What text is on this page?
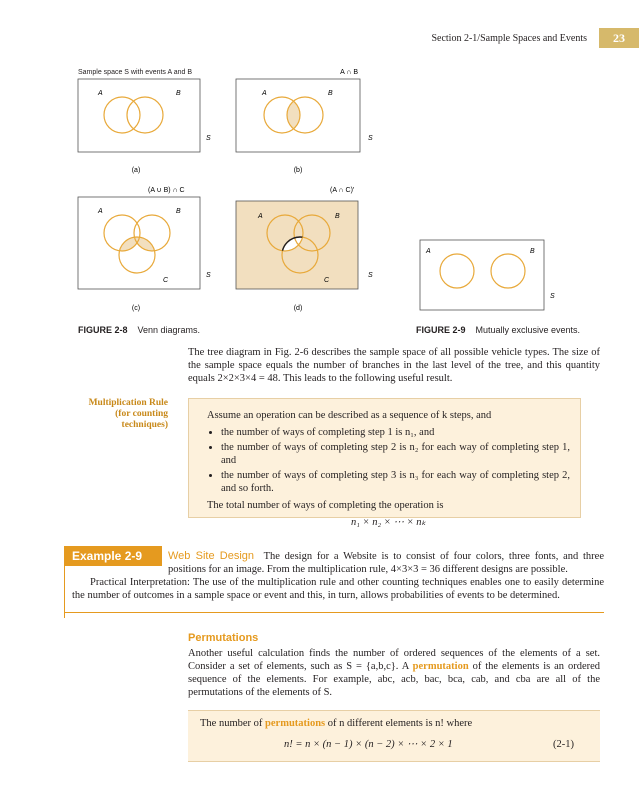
Section 2-1/Sample Spaces and Events	23
Sample space S with events A and B
A	B
S
(a)
A ∩ B
A	B
S
(b)
(A ∪ B) ∩ C
A	B
C
S
(c)
(A ∩ C)′
A	B
C
S
(d)
A	B
S
FIGURE 2-8 Venn diagrams.	FIGURE 2-9 Mutually exclusive events.
The tree diagram in Fig. 2-6 describes the sample space of all possible vehicle types. The size of the sample space equals the number of branches in the last level of the tree, and this quantity equals 2×2×3×4 = 48. This leads to the following useful result.
Multiplication Rule
(for counting
techniques)
Assume an operation can be described as a sequence of k steps, and
• the number of ways of completing step 1 is n₁, and
• the number of ways of completing step 2 is n₂ for each way of completing step 1, and
• the number of ways of completing step 3 is n₃ for each way of completing step 2, and so forth.
The total number of ways of completing the operation is
n₁ × n₂ × ⋯ × nₖ
Example 2-9	Web Site Design The design for a Website is to consist of four colors, three fonts, and three positions for an image. From the multiplication rule, 4×3×3 = 36 different designs are possible.
Practical Interpretation: The use of the multiplication rule and other counting techniques enables one to easily determine the number of outcomes in a sample space or event and this, in turn, allows probabilities of events to be determined.
Permutations
Another useful calculation finds the number of ordered sequences of the elements of a set. Consider a set of elements, such as S = {a,b,c}. A permutation of the elements is an ordered sequence of the elements. For example, abc, acb, bac, bca, cab, and cba are all of the permutations of the elements of S.
The number of permutations of n different elements is n! where
n! = n × (n − 1) × (n − 2) × ⋯ × 2 × 1	(2-1)
